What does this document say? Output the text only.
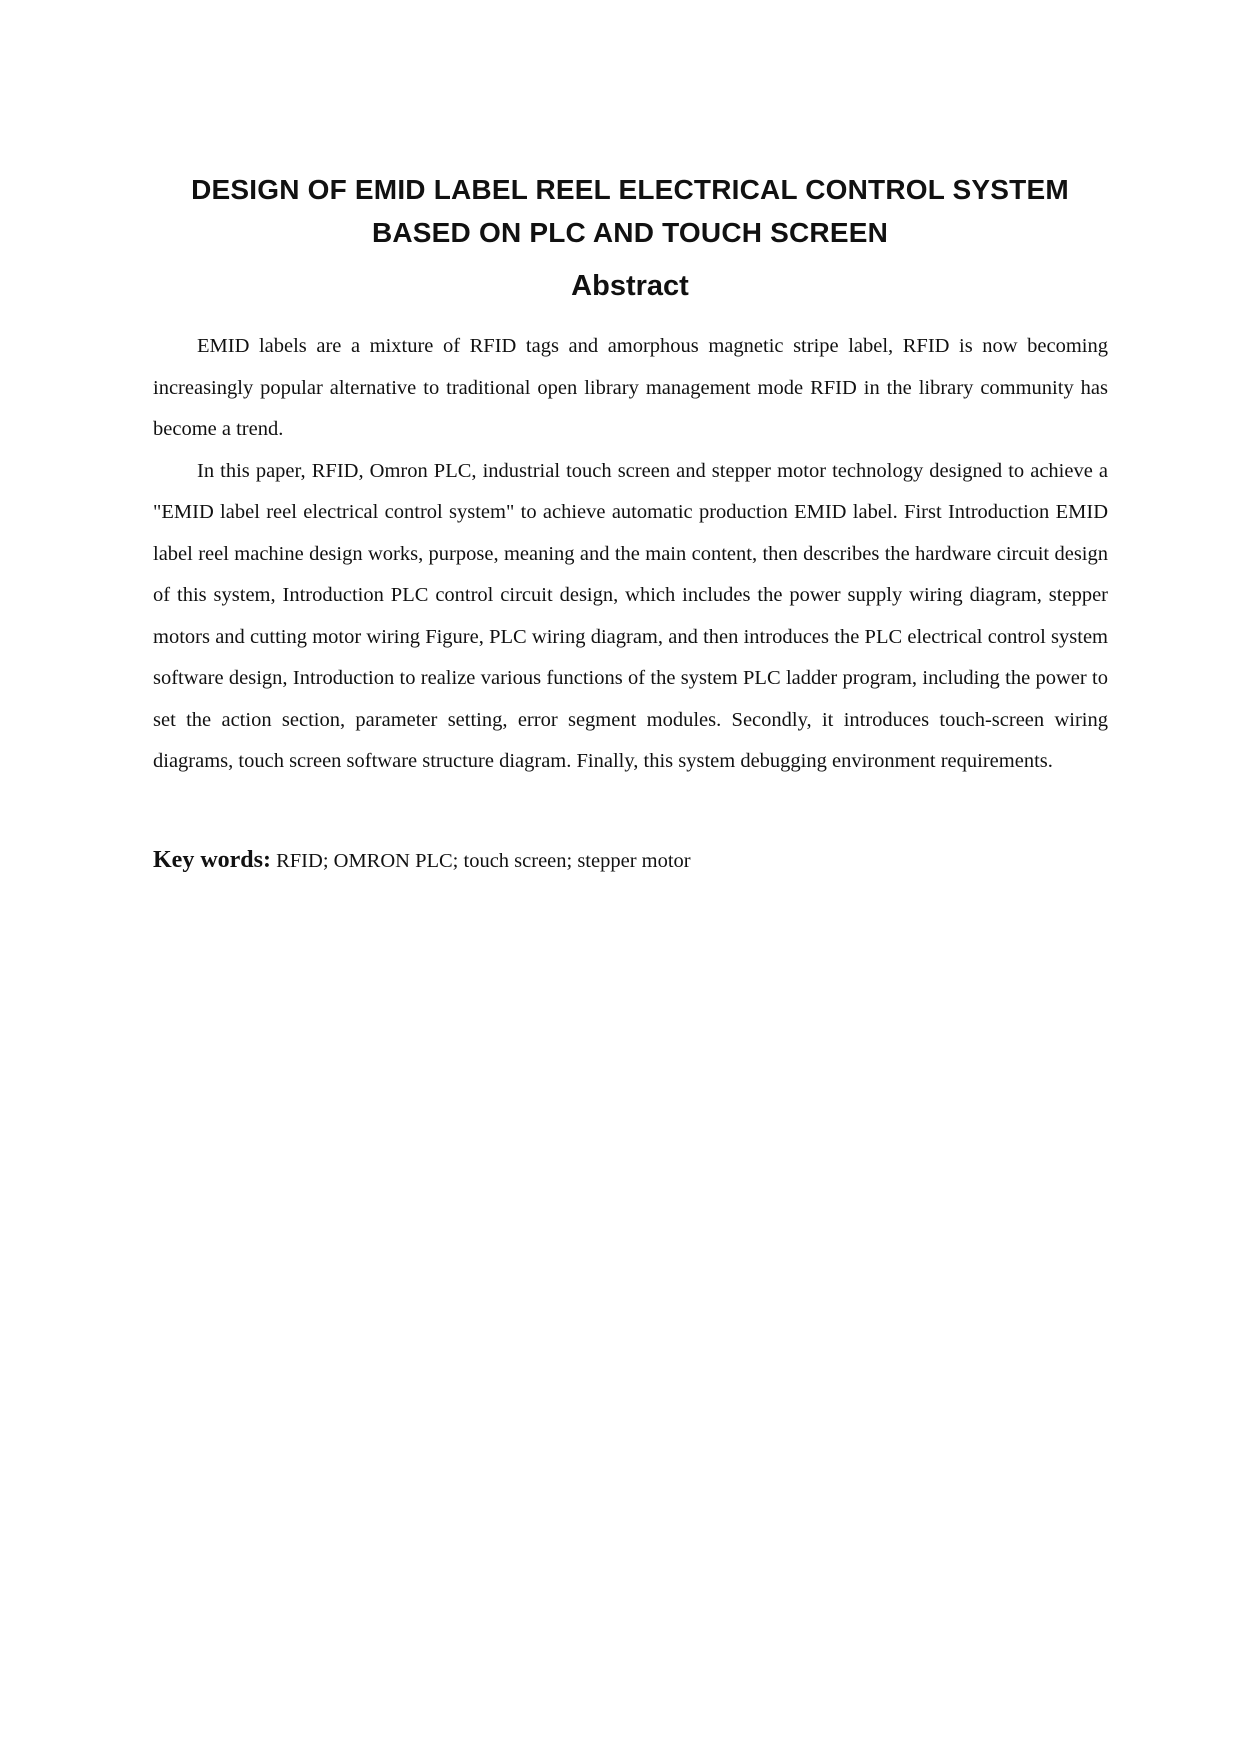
DESIGN OF EMID LABEL REEL ELECTRICAL CONTROL SYSTEM
BASED ON PLC AND TOUCH SCREEN
Abstract

EMID labels are a mixture of RFID tags and amorphous magnetic stripe label, RFID is now becoming increasingly popular alternative to traditional open library management mode RFID in the library community has become a trend.

In this paper, RFID, Omron PLC, industrial touch screen and stepper motor technology designed to achieve a "EMID label reel electrical control system" to achieve automatic production EMID label. First Introduction EMID label reel machine design works, purpose, meaning and the main content, then describes the hardware circuit design of this system, Introduction PLC control circuit design, which includes the power supply wiring diagram, stepper motors and cutting motor wiring Figure, PLC wiring diagram, and then introduces the PLC electrical control system software design, Introduction to realize various functions of the system PLC ladder program, including the power to set the action section, parameter setting, error segment modules. Secondly, it introduces touch-screen wiring diagrams, touch screen software structure diagram. Finally, this system debugging environment requirements.

Key words: RFID; OMRON PLC; touch screen; stepper motor
